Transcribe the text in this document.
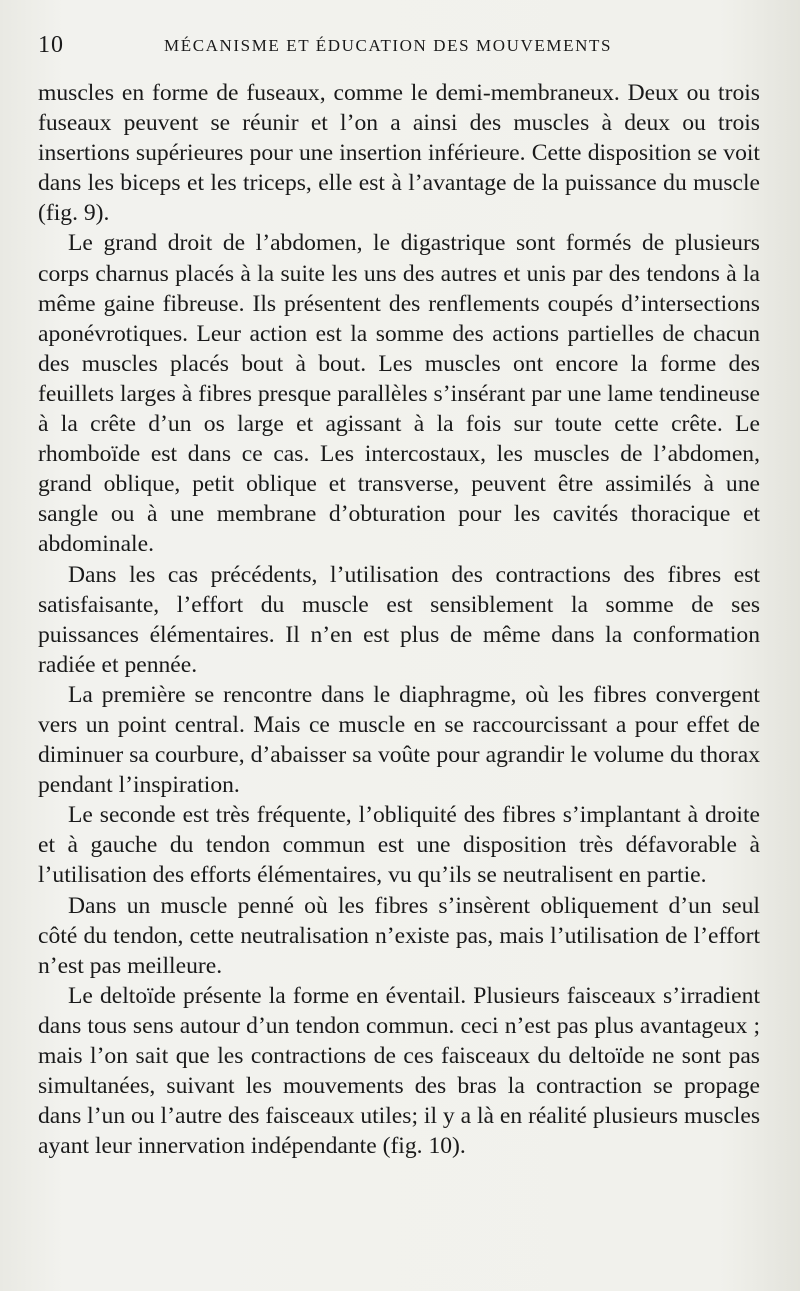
10	MÉCANISME ET ÉDUCATION DES MOUVEMENTS

muscles en forme de fuseaux, comme le demi-membraneux. Deux ou trois fuseaux peuvent se réunir et l’on a ainsi des muscles à deux ou trois insertions supérieures pour une insertion inférieure. Cette disposition se voit dans les biceps et les triceps, elle est à l’avantage de la puissance du muscle (fig. 9).

Le grand droit de l’abdomen, le digastrique sont formés de plusieurs corps charnus placés à la suite les uns des autres et unis par des tendons à la même gaine fibreuse. Ils présentent des renflements coupés d’intersections aponévrotiques. Leur action est la somme des actions partielles de chacun des muscles placés bout à bout. Les muscles ont encore la forme des feuillets larges à fibres presque parallèles s’insérant par une lame tendineuse à la crête d’un os large et agissant à la fois sur toute cette crête. Le rhomboïde est dans ce cas. Les intercostaux, les muscles de l’abdomen, grand oblique, petit oblique et transverse, peuvent être assimilés à une sangle ou à une membrane d’obturation pour les cavités thoracique et abdominale.

Dans les cas précédents, l’utilisation des contractions des fibres est satisfaisante, l’effort du muscle est sensiblement la somme de ses puissances élémentaires. Il n’en est plus de même dans la conformation radiée et pennée.

La première se rencontre dans le diaphragme, où les fibres convergent vers un point central. Mais ce muscle en se raccourcissant a pour effet de diminuer sa courbure, d’abaisser sa voûte pour agrandir le volume du thorax pendant l’inspiration.

Le seconde est très fréquente, l’obliquité des fibres s’implantant à droite et à gauche du tendon commun est une disposition très défavorable à l’utilisation des efforts élémentaires, vu qu’ils se neutralisent en partie.

Dans un muscle penné où les fibres s’insèrent obliquement d’un seul côté du tendon, cette neutralisation n’existe pas, mais l’utilisation de l’effort n’est pas meilleure.

Le deltoïde présente la forme en éventail. Plusieurs faisceaux s’irradient dans tous sens autour d’un tendon commun. ceci n’est pas plus avantageux ; mais l’on sait que les contractions de ces faisceaux du deltoïde ne sont pas simultanées, suivant les mouvements des bras la contraction se propage dans l’un ou l’autre des faisceaux utiles; il y a là en réalité plusieurs muscles ayant leur innervation indépendante (fig. 10).
